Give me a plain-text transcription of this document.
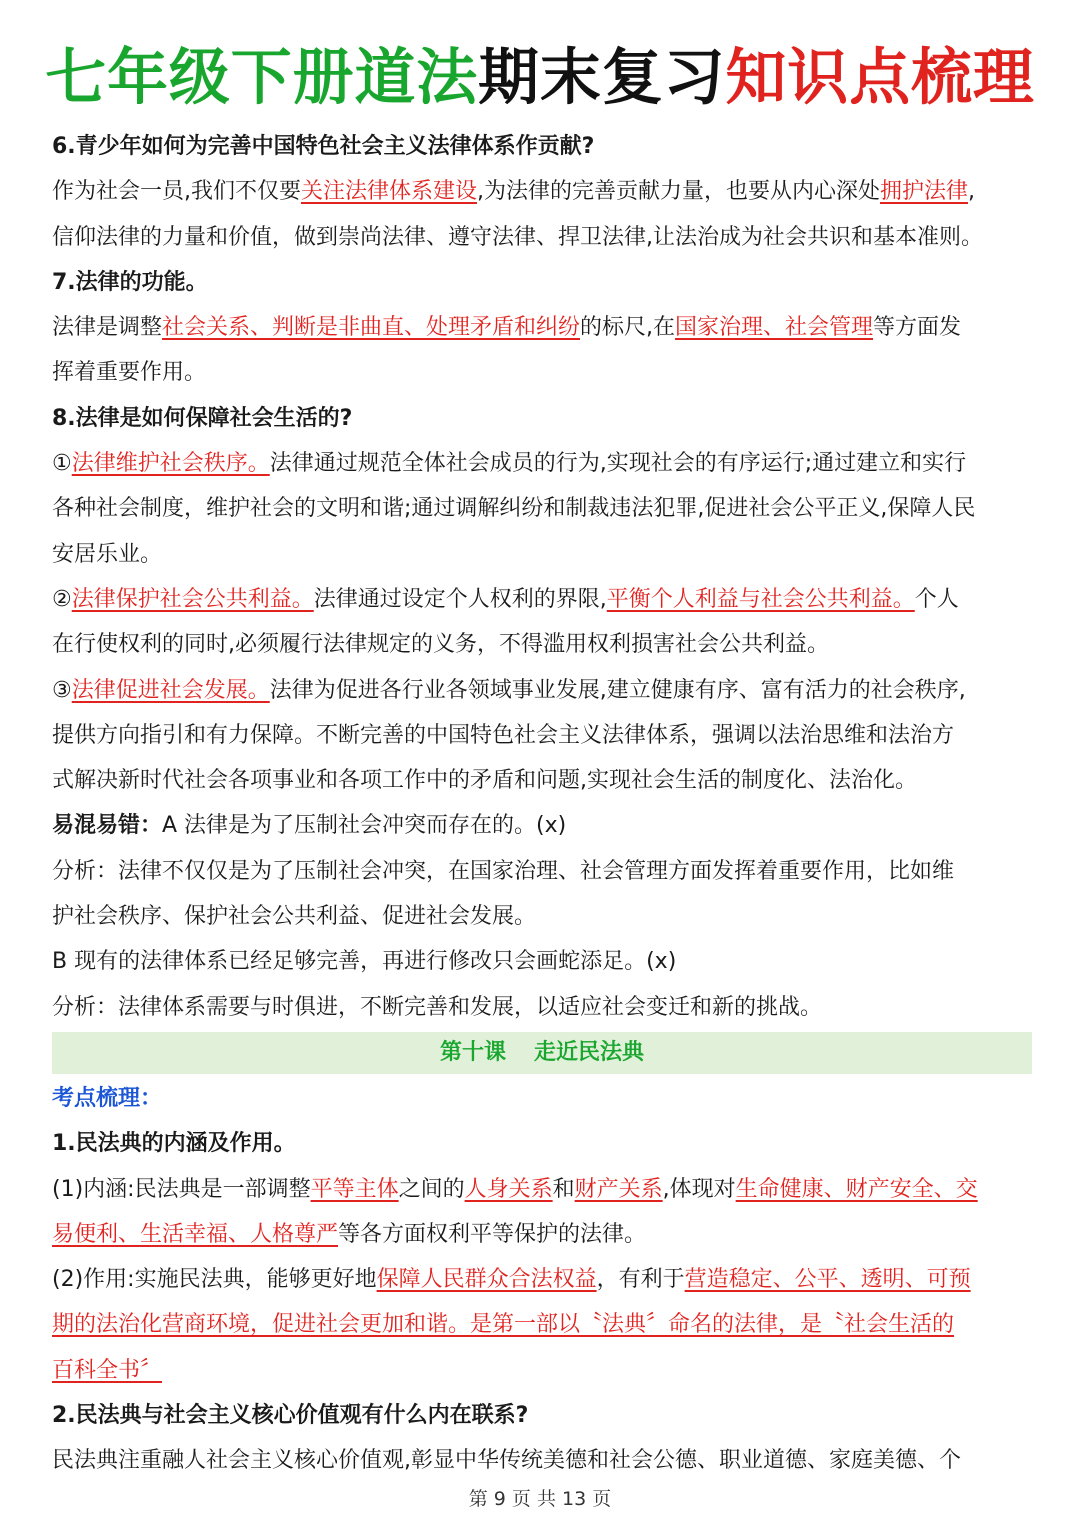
七年级下册道法期末复习知识点梳理
6.青少年如何为完善中国特色社会主义法律体系作贡献?
作为社会一员,我们不仅要关注法律体系建设,为法律的完善贡献力量，也要从内心深处拥护法律,
信仰法律的力量和价值，做到崇尚法律、遵守法律、捍卫法律,让法治成为社会共识和基本准则。
7.法律的功能。
法律是调整社会关系、判断是非曲直、处理矛盾和纠纷的标尺,在国家治理、社会管理等方面发
挥着重要作用。
8.法律是如何保障社会生活的?
①法律维护社会秩序。法律通过规范全体社会成员的行为,实现社会的有序运行;通过建立和实行
各种社会制度，维护社会的文明和谐;通过调解纠纷和制裁违法犯罪,促进社会公平正义,保障人民
安居乐业。
②法律保护社会公共利益。法律通过设定个人权利的界限,平衡个人利益与社会公共利益。个人
在行使权利的同时,必须履行法律规定的义务，不得滥用权利损害社会公共利益。
③法律促进社会发展。法律为促进各行业各领域事业发展,建立健康有序、富有活力的社会秩序,
提供方向指引和有力保障。不断完善的中国特色社会主义法律体系，强调以法治思维和法治方
式解决新时代社会各项事业和各项工作中的矛盾和问题,实现社会生活的制度化、法治化。
易混易错：A 法律是为了压制社会冲突而存在的。(x)
分析：法律不仅仅是为了压制社会冲突，在国家治理、社会管理方面发挥着重要作用，比如维
护社会秩序、保护社会公共利益、促进社会发展。
B 现有的法律体系已经足够完善，再进行修改只会画蛇添足。(x)
分析：法律体系需要与时俱进，不断完善和发展，以适应社会变迁和新的挑战。
第十课 走近民法典
考点梳理：
1.民法典的内涵及作用。
(1)内涵:民法典是一部调整平等主体之间的人身关系和财产关系,体现对生命健康、财产安全、交
易便利、生活幸福、人格尊严等各方面权利平等保护的法律。
(2)作用:实施民法典，能够更好地保障人民群众合法权益，有利于营造稳定、公平、透明、可预
期的法治化营商环境，促进社会更加和谐。是第一部以〝法典〞命名的法律，是〝社会生活的
百科全书〞
2.民法典与社会主义核心价值观有什么内在联系?
民法典注重融人社会主义核心价值观,彰显中华传统美德和社会公德、职业道德、家庭美德、个
第 9 页 共 13 页
